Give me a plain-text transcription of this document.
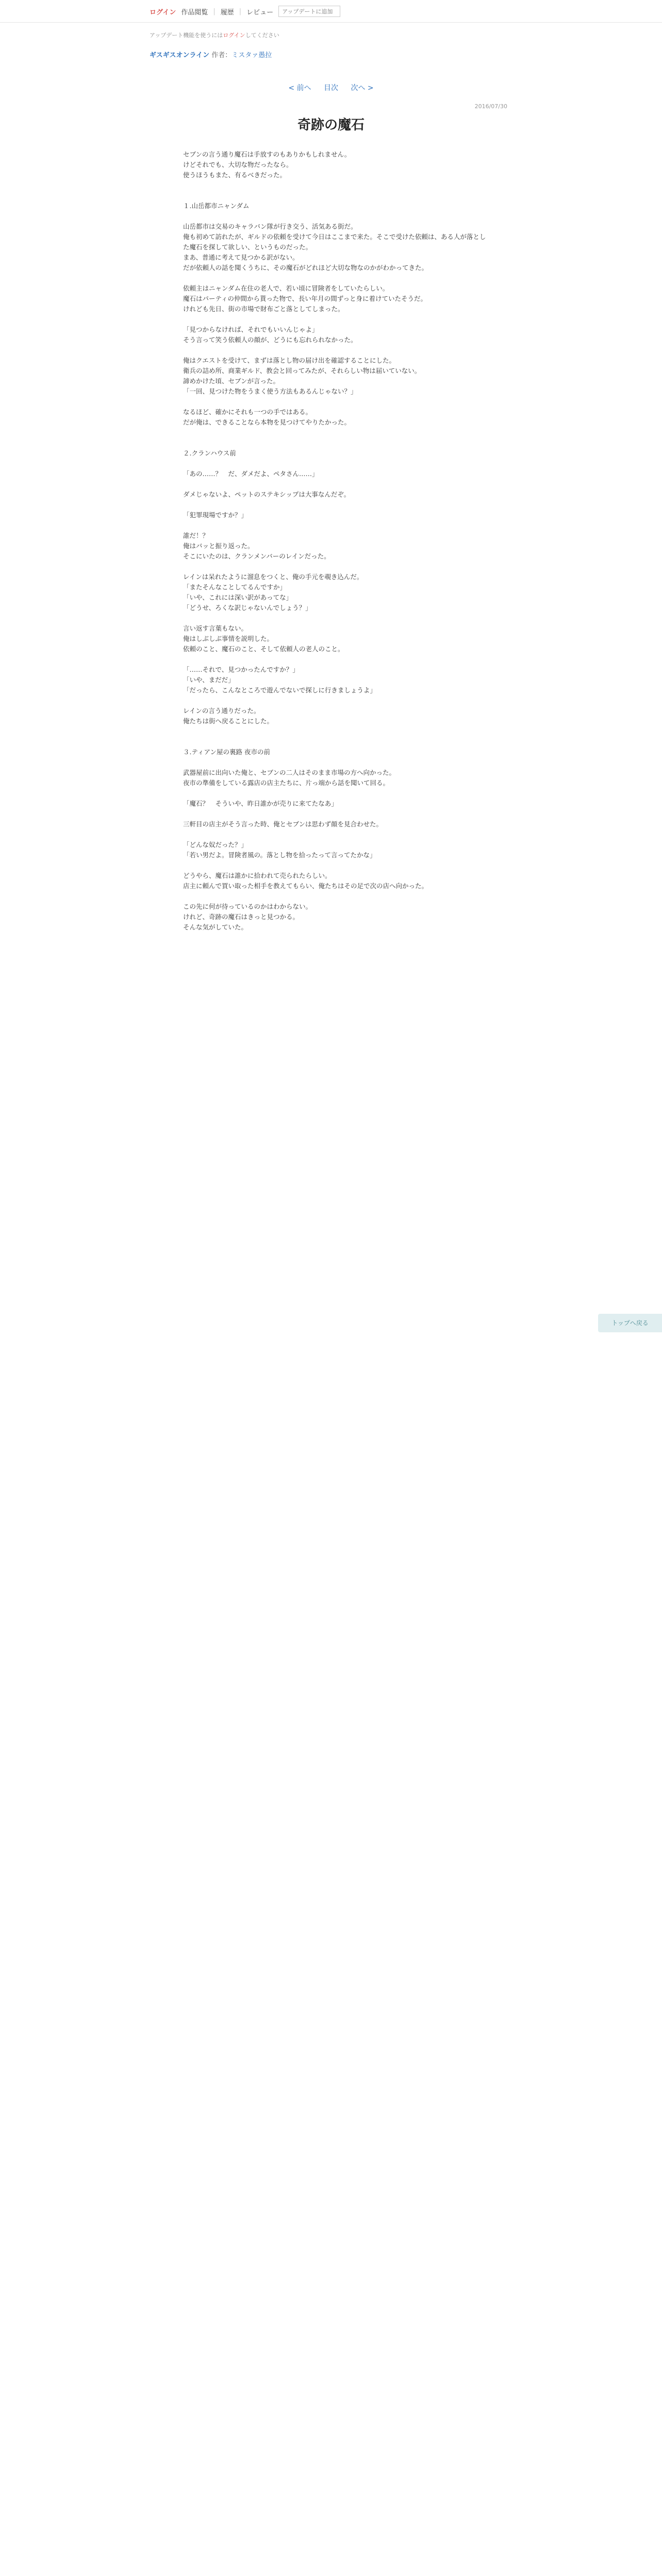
ログイン 作品閲覧 | 履歴 | レビュー
アップデートに追加
アップデート機能を使うにはログインしてください
ギスギスオンライン 作者：ミスタァ愚拉
< 前へ 目次 次へ >
2016/07/30
奇跡の魔石
セブンの言う通り魔石は手放すのもありかもしれません。
けどそれでも、大切な物だったなら。
使うほうもまた、有るべきだった。

１.山岳都市ニャンダム

山岳都市は交易のキャラバン隊が行き交う、活気ある街だ。
俺も初めて訪れたが、ギルドの依頼を受けて今日はここまで来た。そこで受けた依頼は、ある人が落とした魔石を探して欲しい、というものだった。
まあ、普通に考えて見つかる訳がない。
だが依頼人の話を聞くうちに、その魔石がどれほど大切な物なのかがわかってきた。

依頼主はニャンダム在住の老人で、若い頃に冒険者をしていたらしい。
魔石はパーティの仲間から貰った物で、長い年月の間ずっと身に着けていたそうだ。
けれども先日、街の市場で財布ごと落としてしまった。

「見つからなければ、それでもいいんじゃよ」
そう言って笑う依頼人の顔が、どうにも忘れられなかった。

俺はクエストを受けて、まずは落とし物の届け出を確認することにした。
衛兵の詰め所、商業ギルド、教会と回ってみたが、それらしい物は届いていない。
諦めかけた頃、セブンが言った。
「一回、見つけた物をうまく使う方法もあるんじゃない？」

なるほど、確かにそれも一つの手ではある。
だが俺は、できることなら本物を見つけてやりたかった。

２.クランハウス前

「あの……？　だ、ダメだよ、ペタさん……」

ダメじゃないよ、ペットのステキシップは大事なんだぞ。

「犯罪現場ですか？」

誰だ！？
俺はバッと振り返った。
そこにいたのは、クランメンバーのレインだった。

レインは呆れたように溜息をつくと、俺の手元を覗き込んだ。
「またそんなことしてるんですか」
「いや、これには深い訳があってな」
「どうせ、ろくな訳じゃないんでしょう？」

言い返す言葉もない。
俺はしぶしぶ事情を説明した。
依頼のこと、魔石のこと、そして依頼人の老人のこと。

「……それで、見つかったんですか？」
「いや、まだだ」
「だったら、こんなところで遊んでないで探しに行きましょうよ」

レインの言う通りだった。
俺たちは街へ戻ることにした。

３.ティアン屋の裏路 夜市の前

武器屋前に出向いた俺と、セブンの二人はそのまま市場の方へ向かった。
夜市の準備をしている露店の店主たちに、片っ端から話を聞いて回る。

「魔石？　そういや、昨日誰かが売りに来てたなあ」

三軒目の店主がそう言った時、俺とセブンは思わず顔を見合わせた。

「どんな奴だった？」
「若い男だよ。冒険者風の。落とし物を拾ったって言ってたかな」

どうやら、魔石は誰かに拾われて売られたらしい。
店主に頼んで買い取った相手を教えてもらい、俺たちはその足で次の店へ向かった。

この先に何が待っているのかはわからない。
けれど、奇跡の魔石はきっと見つかる。
そんな気がしていた。
トップへ戻る
